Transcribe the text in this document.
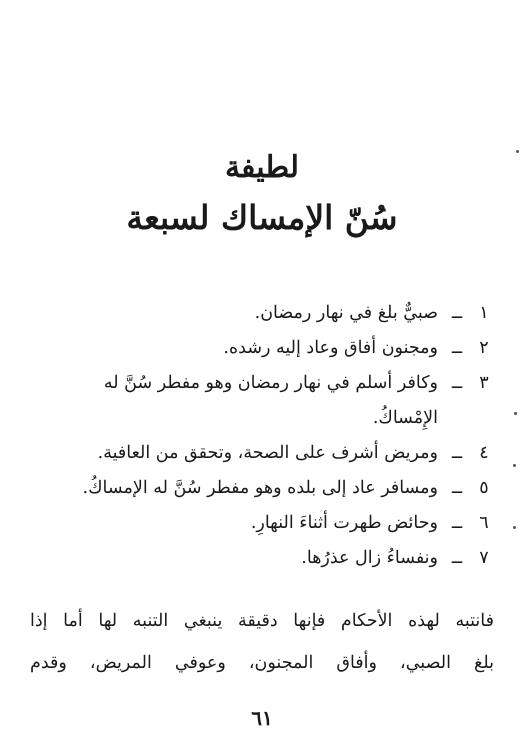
لطيفة
سُنّ الإمساك لسبعة
١
ــ
صبيٌّ بلغ في نهار رمضان.
٢
ــ
ومجنون أفاق وعاد إليه رشده.
٣
ــ
وكافر أسلم في نهار رمضان وهو مفطر سُنَّ له
الإِمْساكُ.
٤
ــ
ومريض أشرف على الصحة، وتحقق من العافية.
٥
ــ
ومسافر عاد إلى بلده وهو مفطر سُنَّ له الإمساكُ.
٦
ــ
وحائض طهرت أثناءَ النهارِ.
٧
ــ
ونفساءُ زال عذرُها.
فانتبه لهذه الأحكام فإنها دقيقة ينبغي التنبه لها أما إذا
بلغ الصبي، وأفاق المجنون، وعوفي المريض، وقدم
٦١
